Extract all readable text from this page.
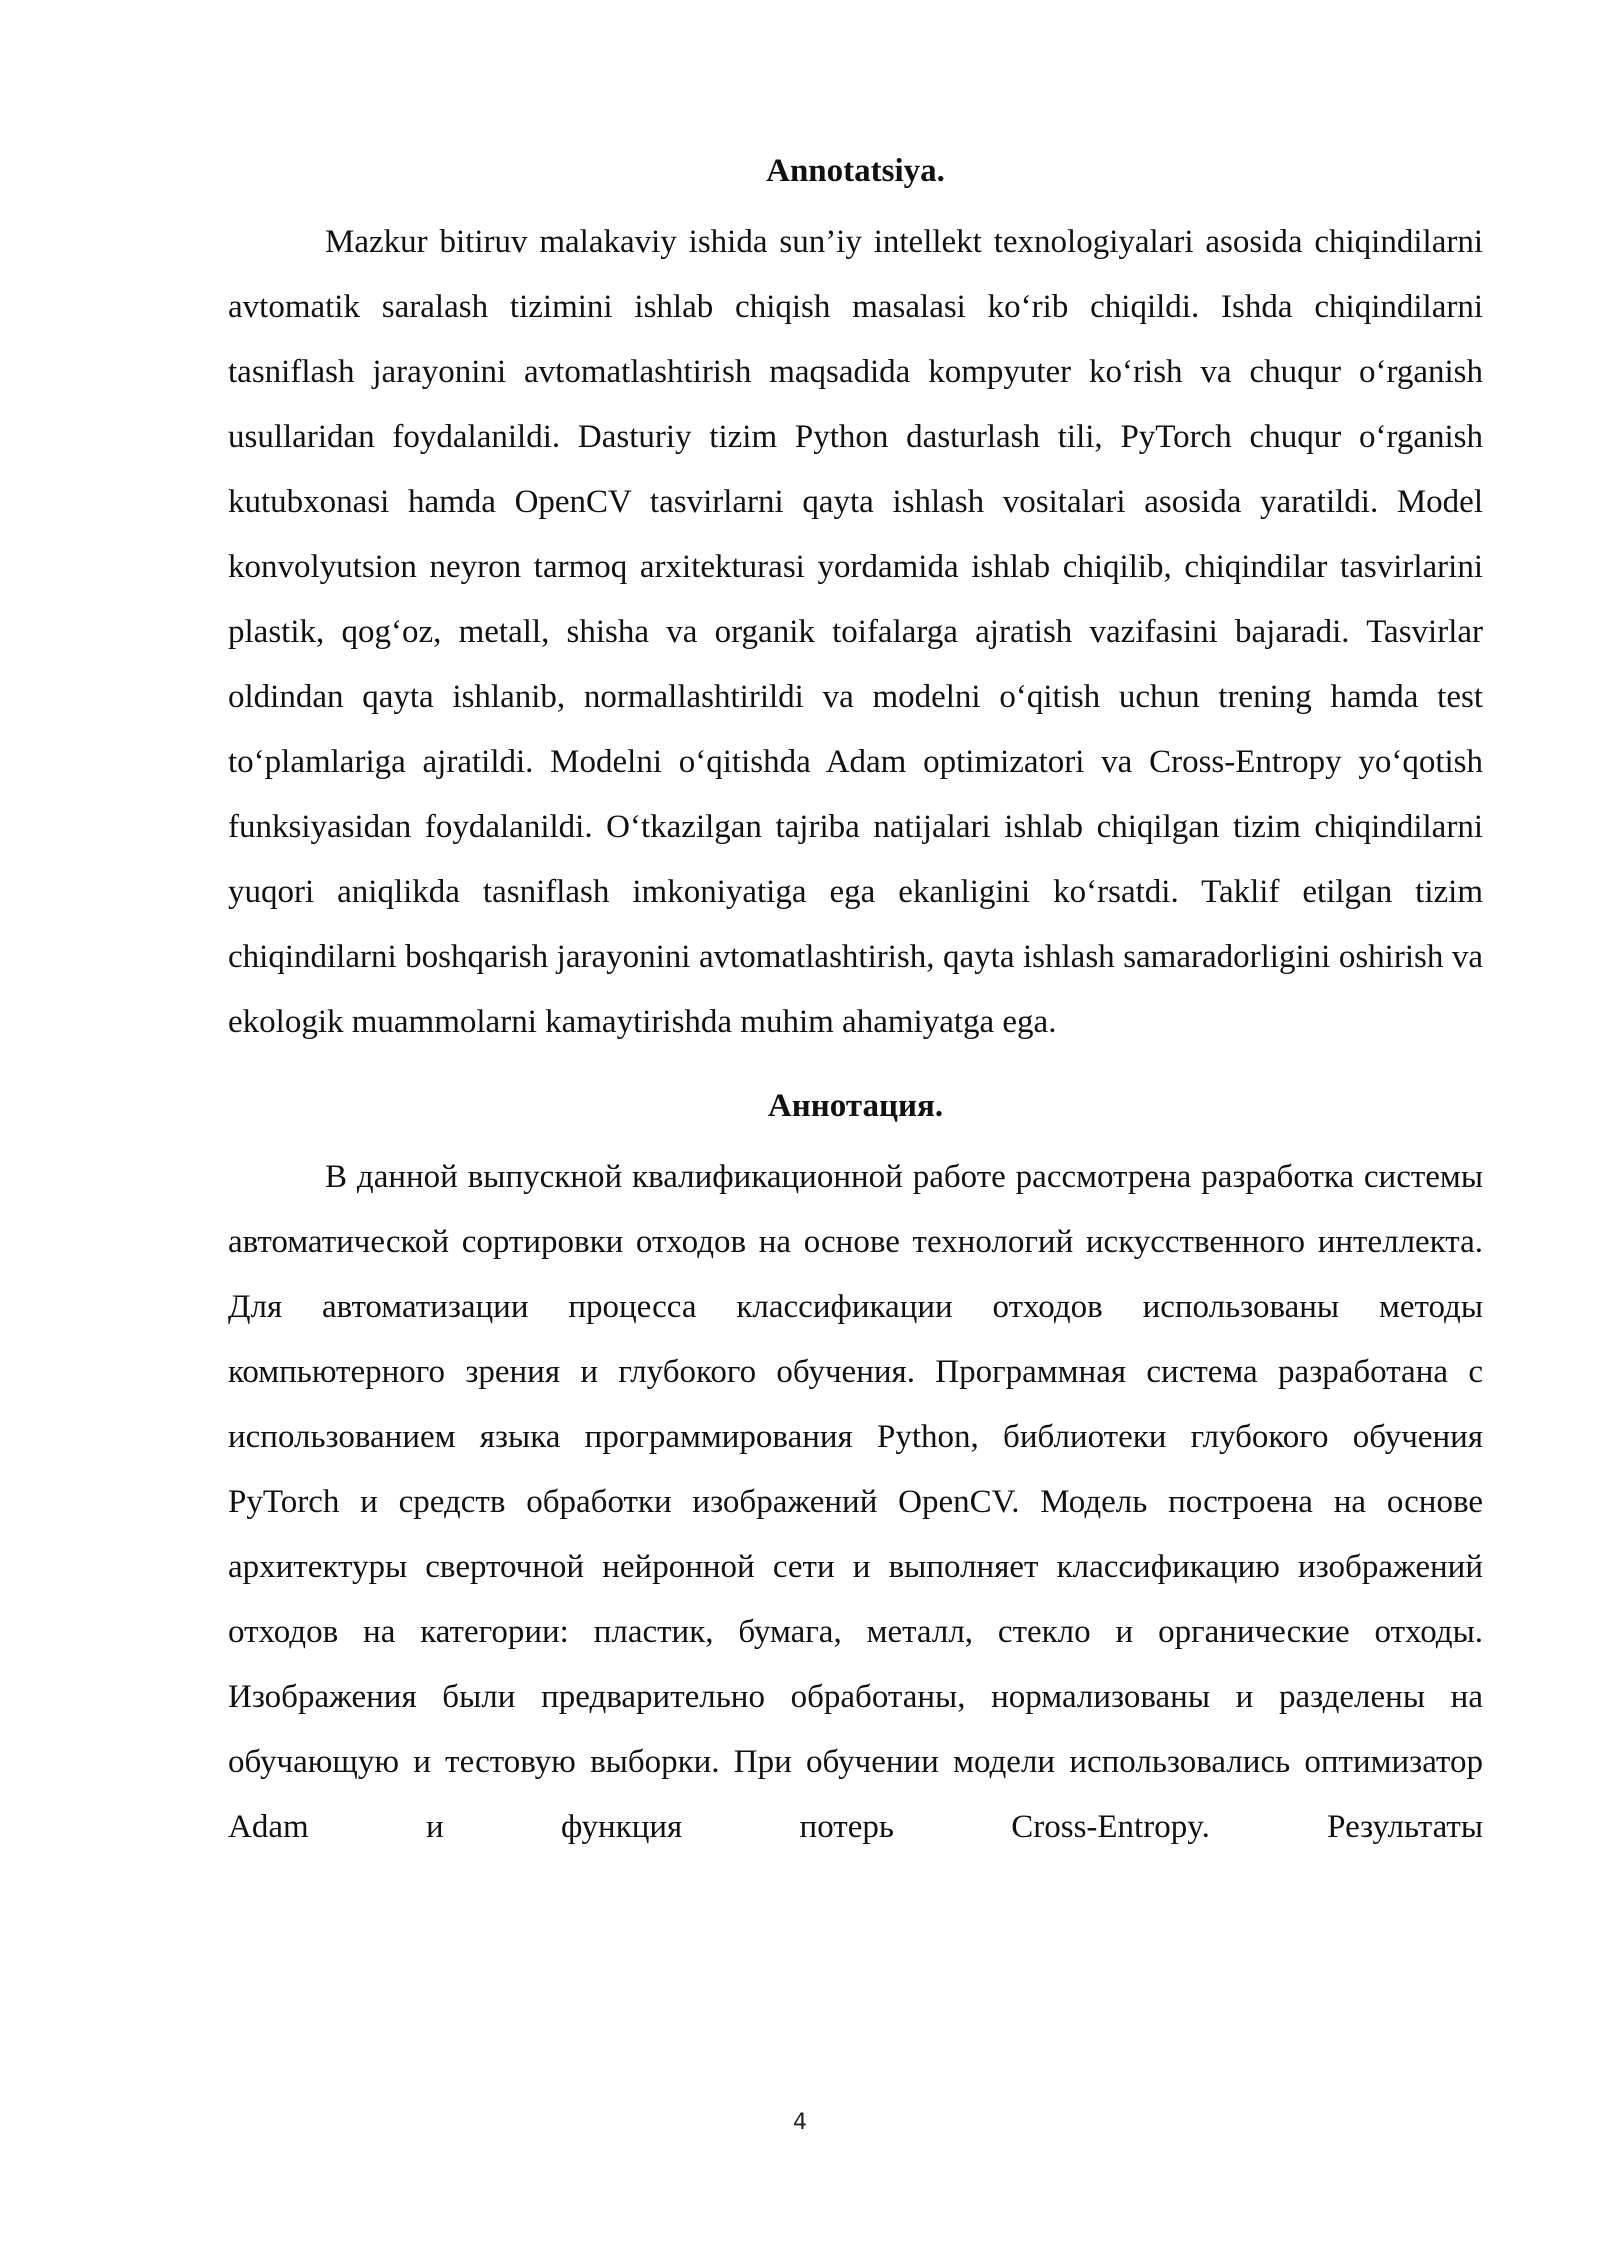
Annotatsiya.

Mazkur bitiruv malakaviy ishida sun’iy intellekt texnologiyalari asosida chiqindilarni avtomatik saralash tizimini ishlab chiqish masalasi ko‘rib chiqildi. Ishda chiqindilarni tasniflash jarayonini avtomatlashtirish maqsadida kompyuter ko‘rish va chuqur o‘rganish usullaridan foydalanildi. Dasturiy tizim Python dasturlash tili, PyTorch chuqur o‘rganish kutubxonasi hamda OpenCV tasvirlarni qayta ishlash vositalari asosida yaratildi. Model konvolyutsion neyron tarmoq arxitekturasi yordamida ishlab chiqilib, chiqindilar tasvirlarini plastik, qog‘oz, metall, shisha va organik toifalarga ajratish vazifasini bajaradi. Tasvirlar oldindan qayta ishlanib, normallashtirildi va modelni o‘qitish uchun trening hamda test to‘plamlariga ajratildi. Modelni o‘qitishda Adam optimizatori va Cross-Entropy yo‘qotish funksiyasidan foydalanildi. O‘tkazilgan tajriba natijalari ishlab chiqilgan tizim chiqindilarni yuqori aniqlikda tasniflash imkoniyatiga ega ekanligini ko‘rsatdi. Taklif etilgan tizim chiqindilarni boshqarish jarayonini avtomatlashtirish, qayta ishlash samaradorligini oshirish va ekologik muammolarni kamaytirishda muhim ahamiyatga ega.

Аннотация.

В данной выпускной квалификационной работе рассмотрена разработка системы автоматической сортировки отходов на основе технологий искусственного интеллекта. Для автоматизации процесса классификации отходов использованы методы компьютерного зрения и глубокого обучения. Программная система разработана с использованием языка программирования Python, библиотеки глубокого обучения PyTorch и средств обработки изображений OpenCV. Модель построена на основе архитектуры сверточной нейронной сети и выполняет классификацию изображений отходов на категории: пластик, бумага, металл, стекло и органические отходы. Изображения были предварительно обработаны, нормализованы и разделены на обучающую и тестовую выборки. При обучении модели использовались оптимизатор Adam и функция потерь Cross-Entropy. Результаты

4
